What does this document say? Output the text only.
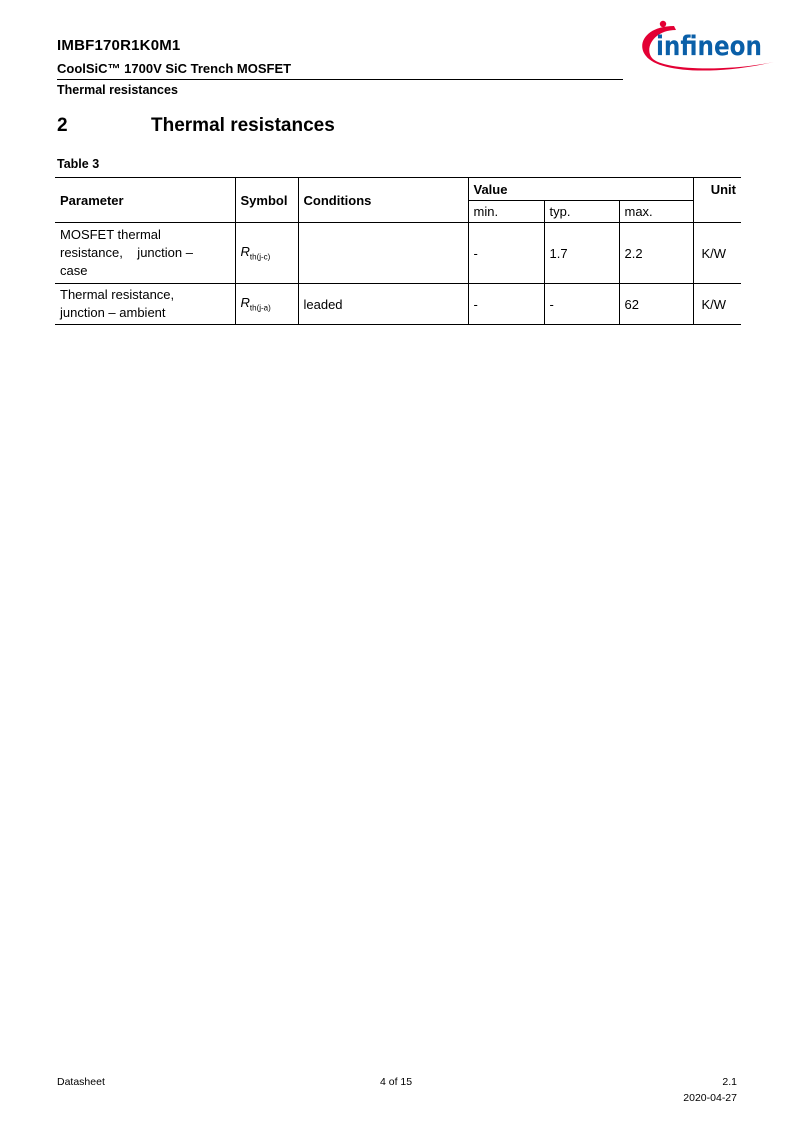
IMBF170R1K0M1
CoolSiC™ 1700V SiC Trench MOSFET
Thermal resistances
infineon
2	Thermal resistances
Table 3
Parameter	Symbol	Conditions	Value			Unit
			min.	typ.	max.	

MOSFET thermal
resistance,    junction –
case	$R_{th(j-c)}$		-	1.7	2.2	K/W

Thermal resistance,
junction – ambient	$R_{th(j-a)}$	leaded	-	-	62	K/W
Datasheet	4 of 15	2.1
2020-04-27
